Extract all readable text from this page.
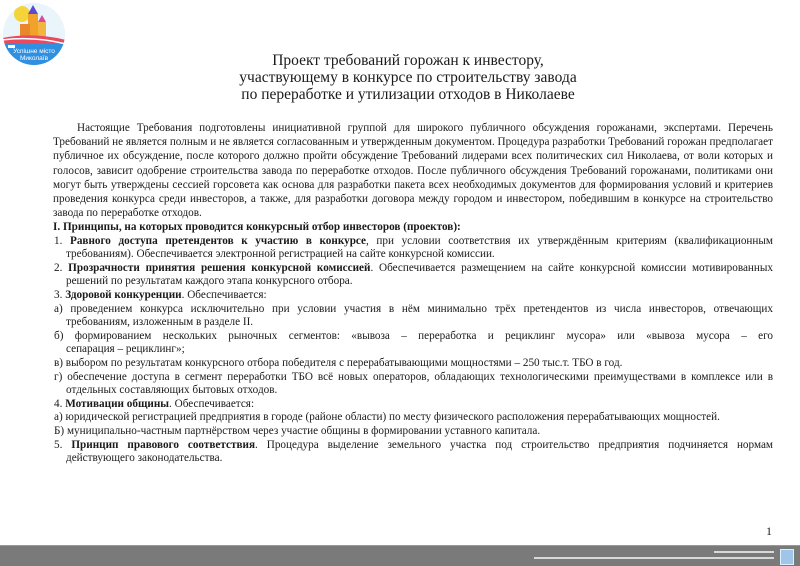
Успішне місто
Миколаїв	Проект требований горожан к инвестору,
участвующему в конкурсе по строительству завода
по переработке и утилизации отходов в Николаеве
Настоящие Требования подготовлены инициативной группой для широкого публичного обсуждения горожанами, экспертами. Перечень
Требований не является полным и не является согласованным и утвержденным документом. Процедура разработки Требований горожан предполагает
публичное их обсуждение, после которого должно пройти обсуждение Требований лидерами всех политических сил Николаева, от воли которых и
голосов, зависит одобрение строительства завода по переработке отходов. После публичного обсуждения Требований горожанами, политиками они
могут быть утверждены сессией горсовета как основа для разработки пакета всех необходимых документов для формирования условий и критериев
проведения конкурса среди инвесторов, а также, для разработки договора между городом и инвестором, победившим в конкурсе на строительство
завода по переработке отходов.
I. Принципы, на которых проводится конкурсный отбор инвесторов (проектов):
1. Равного доступа претендентов к участию в конкурсе, при условии соответствия их утверждённым критериям (квалификационным
требованиям). Обеспечивается электронной регистрацией на сайте конкурсной комиссии.
2. Прозрачности принятия решения конкурсной комиссией. Обеспечивается размещением на сайте конкурсной комиссии мотивированных
решений по результатам каждого этапа конкурсного отбора.
3. Здоровой конкуренции. Обеспечивается:
а) проведением конкурса исключительно при условии участия в нём минимально трёх претендентов из числа инвесторов, отвечающих
требованиям, изложенным в разделе II.
б) формированием нескольких рыночных сегментов: «вывоза – переработка и рециклинг мусора» или «вывоза мусора – его
сепарация – рециклинг»;
в) выбором по результатам конкурсного отбора победителя с перерабатывающими мощностями – 250 тыс.т. ТБО в год.
г) обеспечение доступа в сегмент переработки ТБО всё новых операторов, обладающих технологическими преимуществами в комплексе или в
отдельных составляющих бытовых отходов.
4. Мотивации общины. Обеспечивается:
а) юридической регистрацией предприятия в городе (районе области) по месту физического расположения перерабатывающих мощностей.
Б) муниципально-частным партнёрством через участие общины в формировании уставного капитала.
5. Принцип правового соответствия. Процедура выделение земельного участка под строительство предприятия подчиняется нормам
действующего законодательства.
1
